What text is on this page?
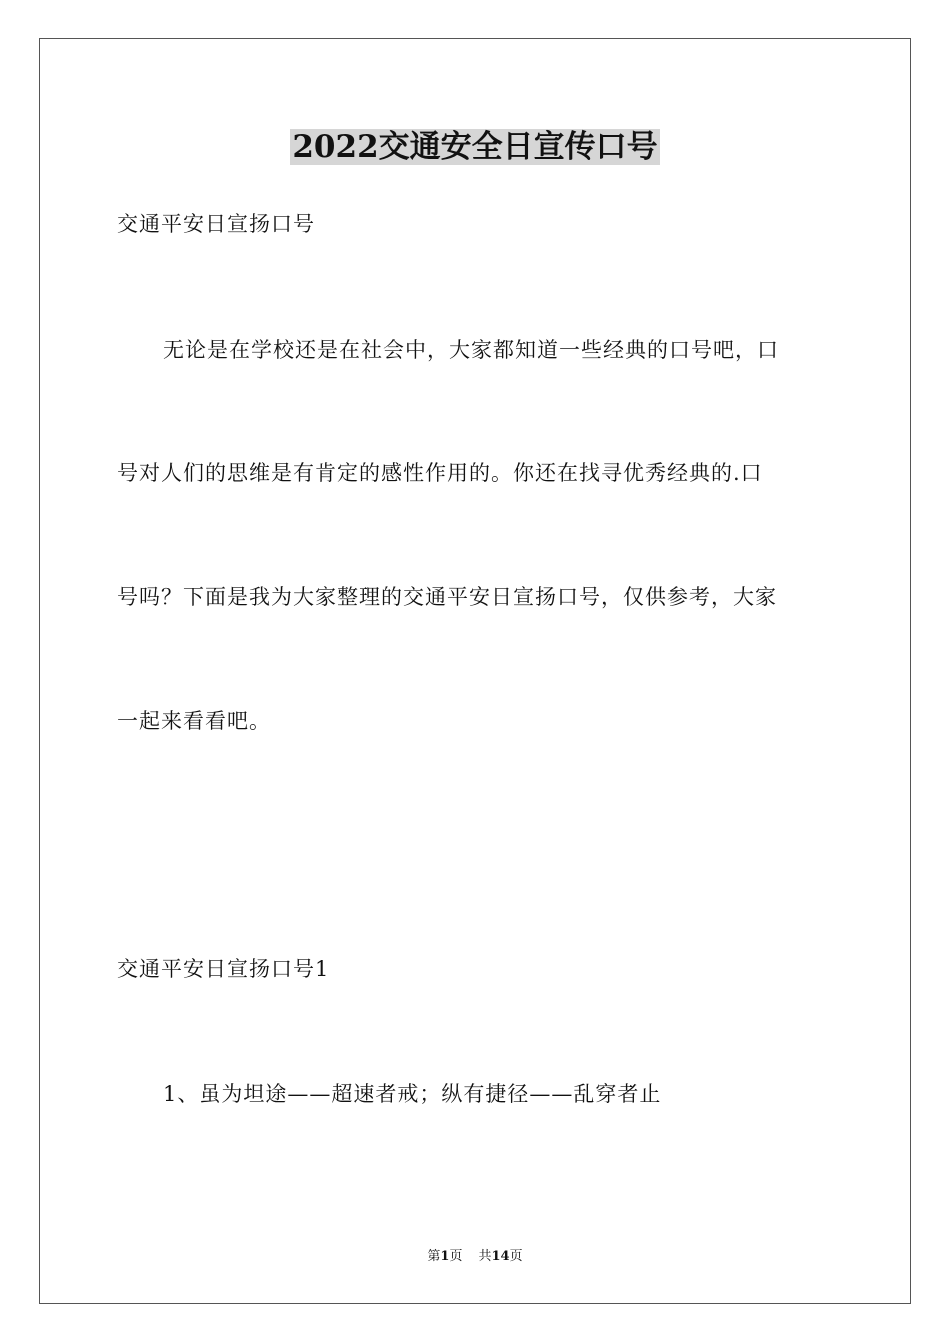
2022交通安全日宣传口号
交通平安日宣扬口号
无论是在学校还是在社会中，大家都知道一些经典的口号吧，口
号对人们的思维是有肯定的感性作用的。你还在找寻优秀经典的.口
号吗？下面是我为大家整理的交通平安日宣扬口号，仅供参考，大家
一起来看看吧。
交通平安日宣扬口号1
1、虽为坦途——超速者戒；纵有捷径——乱穿者止
第1页 共14页
